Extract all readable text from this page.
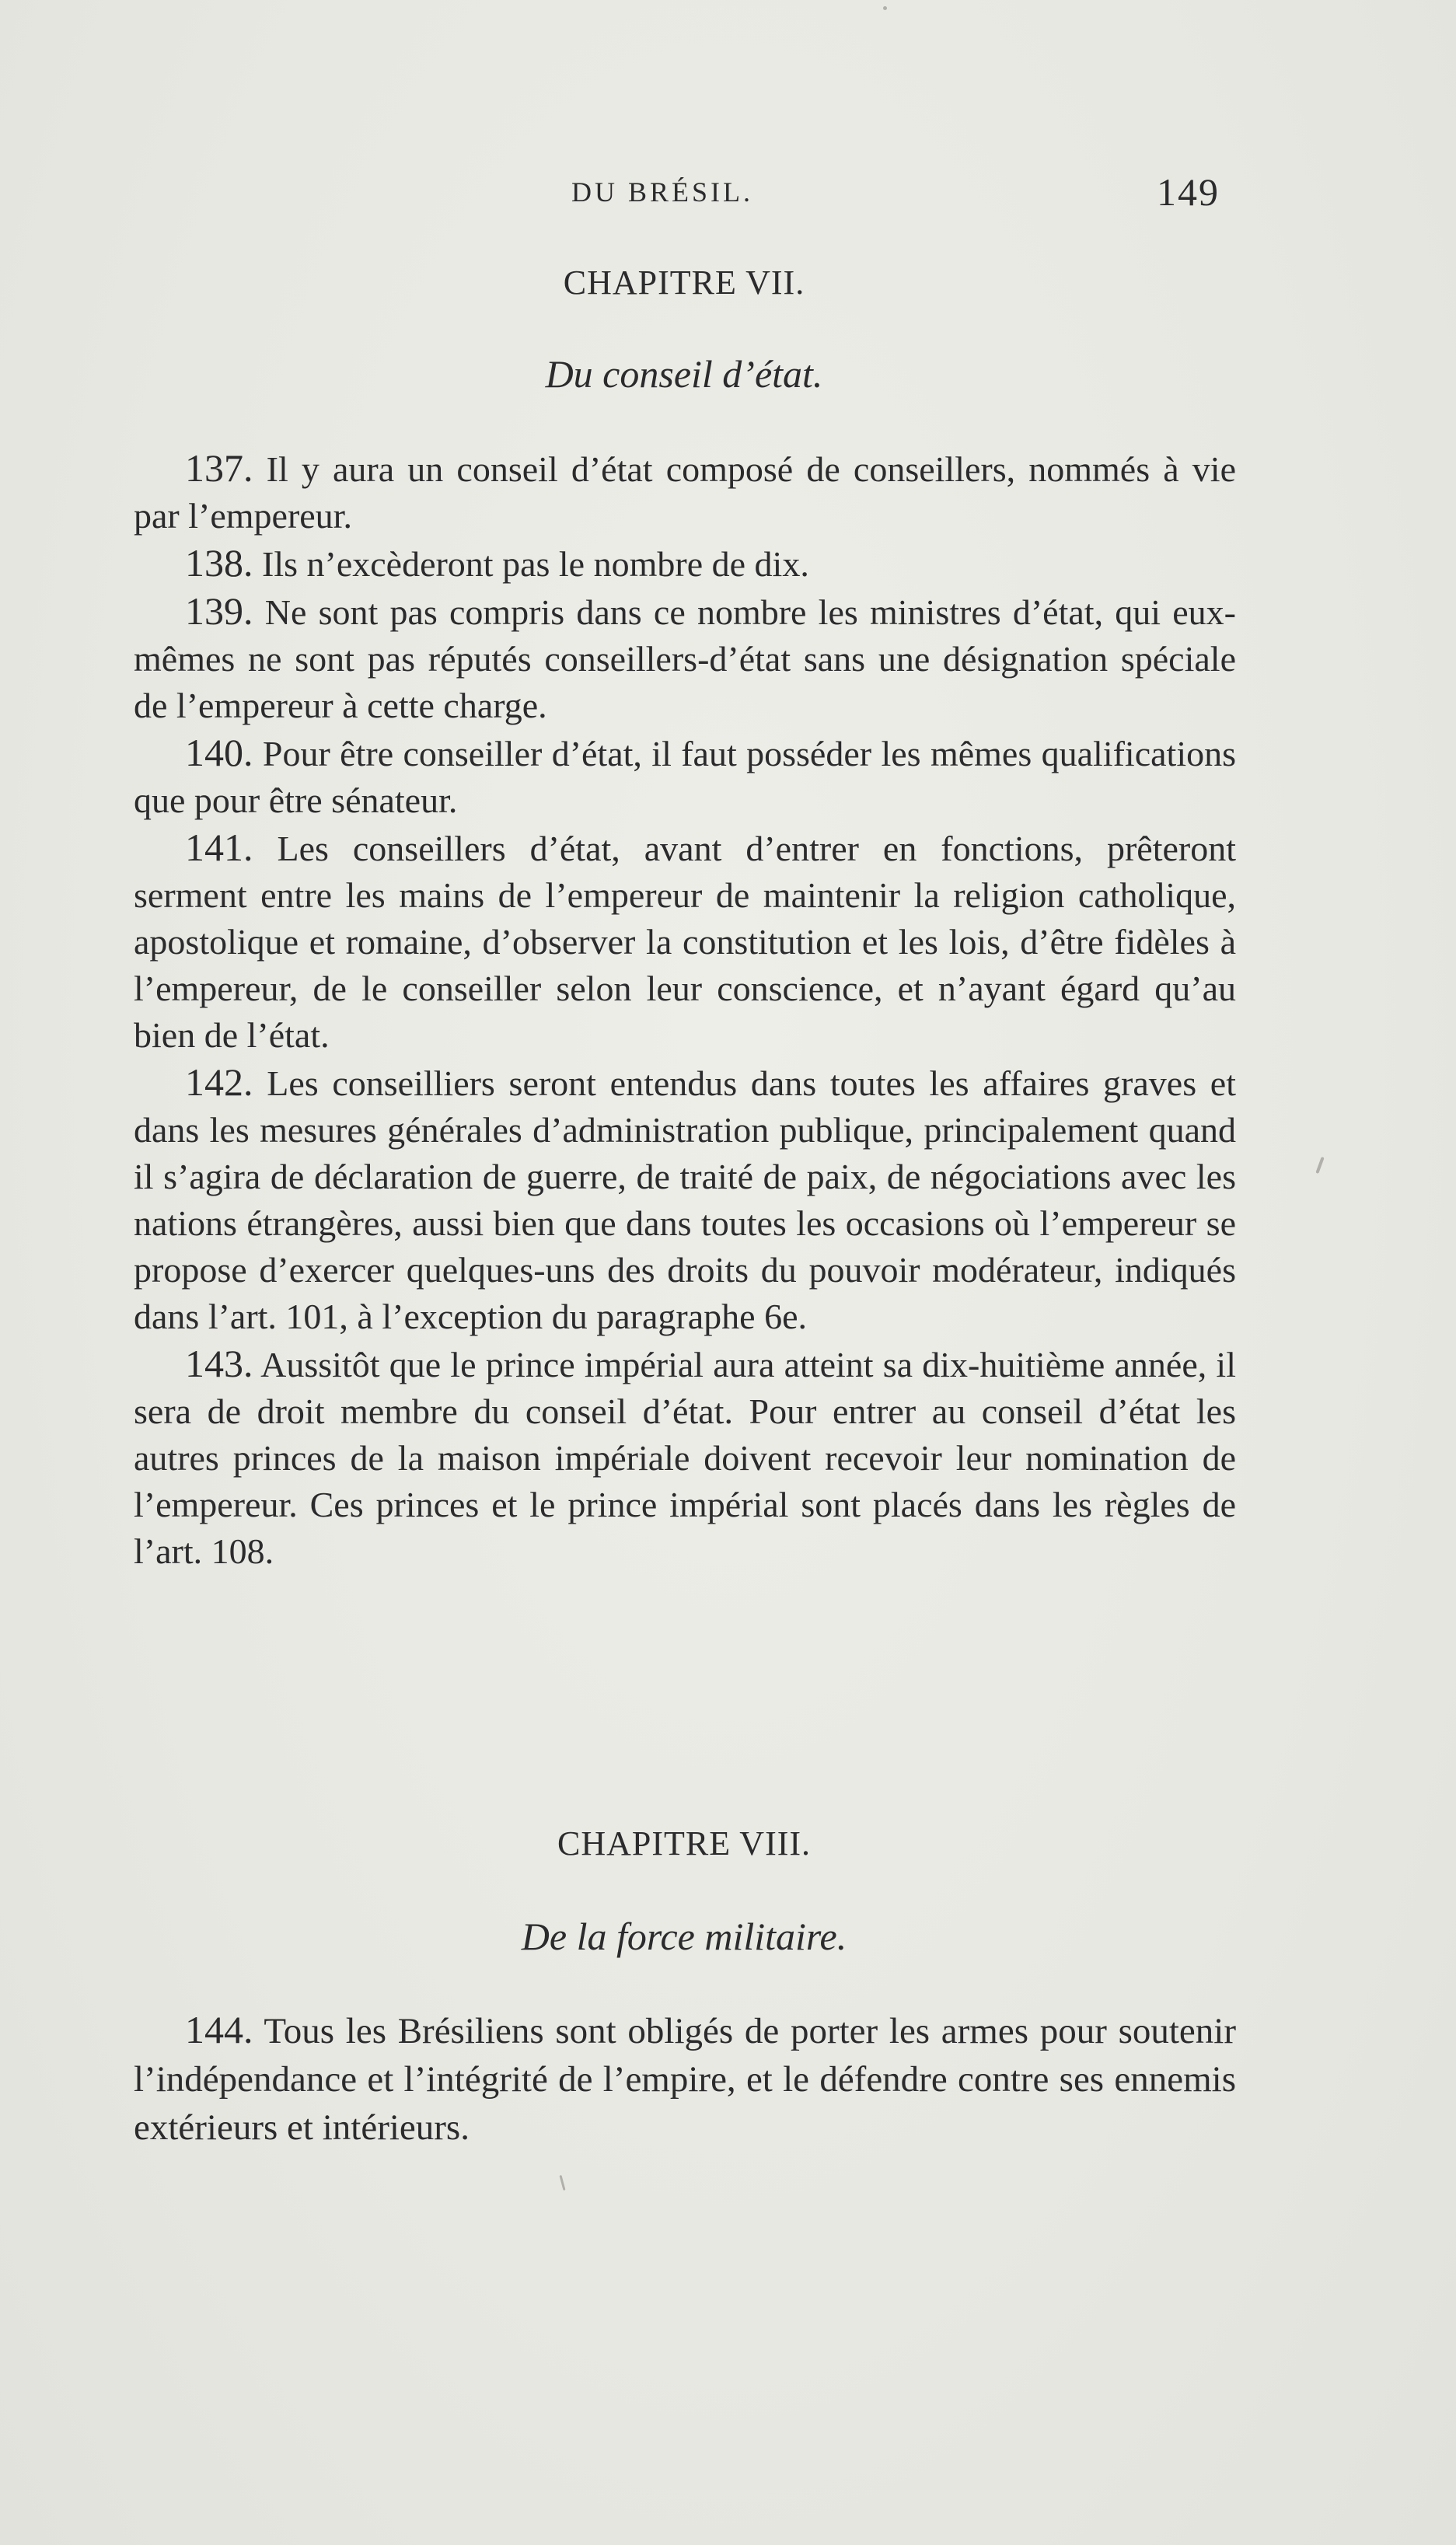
DU BRÉSIL.	149
CHAPITRE VII.
Du conseil d’état.

137. Il y aura un conseil d’état composé de conseillers, nommés à vie par l’empereur.

138. Ils n’excèderont pas le nombre de dix.

139. Ne sont pas compris dans ce nombre les ministres d’état, qui eux-mêmes ne sont pas réputés conseillers-d’état sans une désignation spéciale de l’empereur à cette charge.

140. Pour être conseiller d’état, il faut posséder les mêmes qualifications que pour être sénateur.

141. Les conseillers d’état, avant d’entrer en fonctions, prêteront serment entre les mains de l’empereur de maintenir la religion catholique, apostolique et romaine, d’observer la constitution et les lois, d’être fidèles à l’empereur, de le conseiller selon leur conscience, et n’ayant égard qu’au bien de l’état.

142. Les conseilliers seront entendus dans toutes les affaires graves et dans les mesures générales d’administration publique, principalement quand il s’agira de déclaration de guerre, de traité de paix, de négociations avec les nations étrangères, aussi bien que dans toutes les occasions où l’empereur se propose d’exercer quelques-uns des droits du pouvoir modérateur, indiqués dans l’art. 101, à l’exception du paragraphe 6e.

143. Aussitôt que le prince impérial aura atteint sa dix-huitième année, il sera de droit membre du conseil d’état. Pour entrer au conseil d’état les autres princes de la maison impériale doivent recevoir leur nomination de l’empereur. Ces princes et le prince impérial sont placés dans les règles de l’art. 108.

CHAPITRE VIII.
De la force militaire.

144. Tous les Brésiliens sont obligés de porter les armes pour soutenir l’indépendance et l’intégrité de l’empire, et le défendre contre ses ennemis extérieurs et intérieurs.
